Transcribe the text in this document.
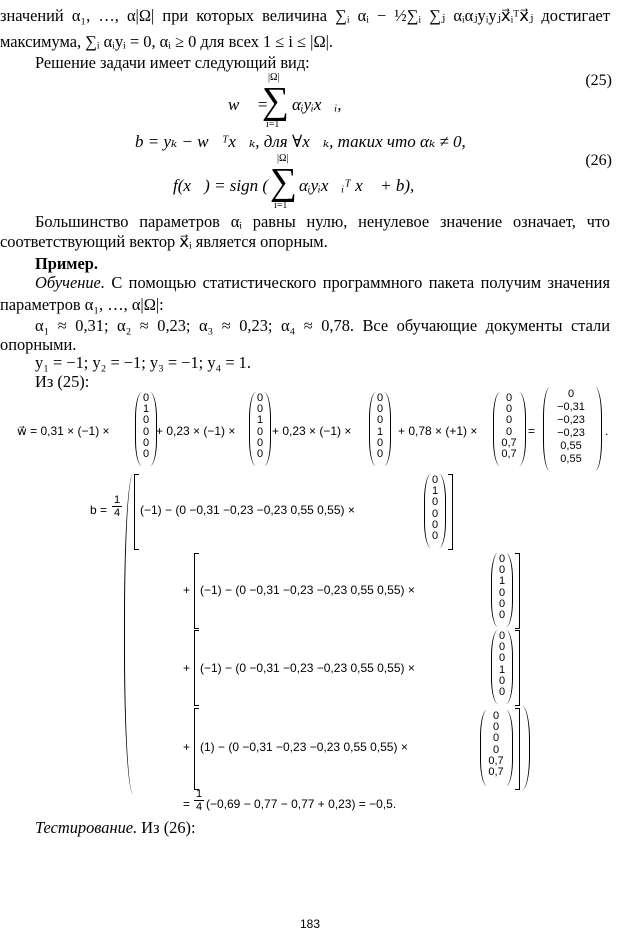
значений α₁, …, α|Ω| при которых величина ∑ᵢ αᵢ − ½∑ᵢ ∑ⱼ αᵢαⱼyᵢyⱼx⃗ᵢᵀx⃗ⱼ достигает
максимума, ∑ᵢ αᵢyᵢ = 0, αᵢ ≥ 0 для всех 1 ≤ i ≤ |Ω|.
Решение задачи имеет следующий вид:
(25)
w⃗ =
|Ω|
∑
i=1
αᵢyᵢx⃗ᵢ,
b = yₖ − w⃗ᵀx⃗ₖ, для ∀x⃗ₖ, таких что αₖ ≠ 0,
(26)
|Ω|
f(x⃗) = sign ( ∑
i=1
αᵢyᵢx⃗ᵢᵀ x⃗ + b),
Большинство параметров αᵢ равны нулю, ненулевое значение означает, что
соответствующий вектор x⃗ᵢ является опорным.
Пример.
Обучение. С помощью статистического программного пакета получим значения
параметров α₁, …, α|Ω|:
α₁ ≈ 0,31; α₂ ≈ 0,23; α₃ ≈ 0,23; α₄ ≈ 0,78. Все обучающие документы стали
опорными.
y₁ = −1; y₂ = −1; y₃ = −1; y₄ = 1.
Из (25):
w⃗ = 0,31 × (−1) ×
0
1
0
0
0
0
+ 0,23 × (−1) ×
0
0
1
0
0
0
+ 0,23 × (−1) ×
0
0
0
1
0
0
+ 0,78 × (+1) ×
0
0
0
0
0,7
0,7
=
0
−0,31
−0,23
−0,23
0,55
0,55
.
$b = \frac{1}{4} (-1) - (0 -0,31 -0,23 -0,23$ 0,55 0,55) ×
0
1
0
0
0
0
+ (−1) − (0 −0,31 −0,23 −0,23 0,55 0,55) ×
0
0
1
0
0
0
+ (−1) − (0 −0,31 −0,23 −0,23 0,55 0,55) ×
0
0
0
1
0
0
+ (1) − (0 −0,31 −0,23 −0,23 0,55 0,55) ×
0
0
0
0
0,7
0,7
= $\frac{1}{4} (-0,69 - 0,77 - 0,77 + 0,23) = -0,5$.
Тестирование. Из (26):
183
